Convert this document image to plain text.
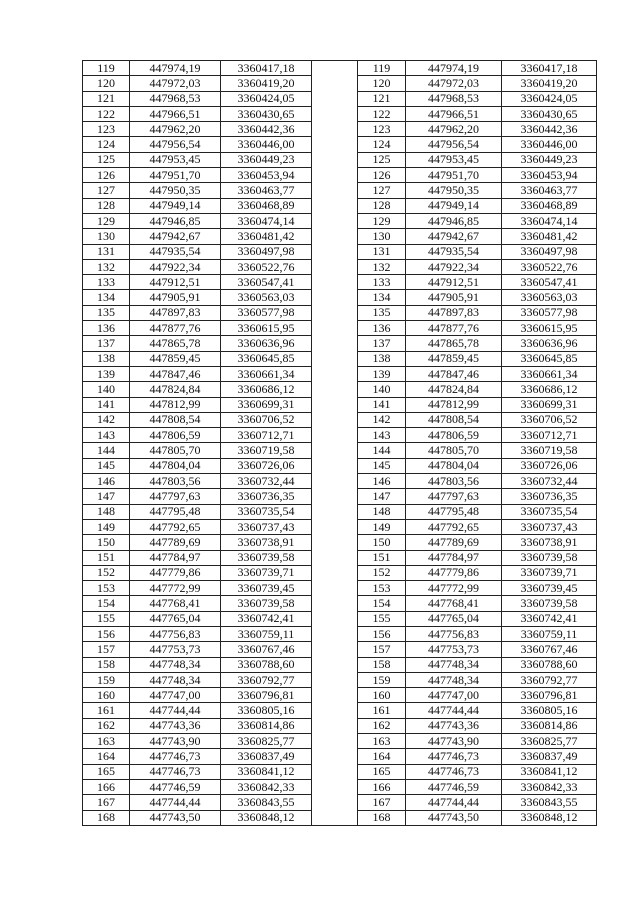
119	447974,19	3360417,18		119	447974,19	3360417,18
120	447972,03	3360419,20		120	447972,03	3360419,20
121	447968,53	3360424,05		121	447968,53	3360424,05
122	447966,51	3360430,65		122	447966,51	3360430,65
123	447962,20	3360442,36		123	447962,20	3360442,36
124	447956,54	3360446,00		124	447956,54	3360446,00
125	447953,45	3360449,23		125	447953,45	3360449,23
126	447951,70	3360453,94		126	447951,70	3360453,94
127	447950,35	3360463,77		127	447950,35	3360463,77
128	447949,14	3360468,89		128	447949,14	3360468,89
129	447946,85	3360474,14		129	447946,85	3360474,14
130	447942,67	3360481,42		130	447942,67	3360481,42
131	447935,54	3360497,98		131	447935,54	3360497,98
132	447922,34	3360522,76		132	447922,34	3360522,76
133	447912,51	3360547,41		133	447912,51	3360547,41
134	447905,91	3360563,03		134	447905,91	3360563,03
135	447897,83	3360577,98		135	447897,83	3360577,98
136	447877,76	3360615,95		136	447877,76	3360615,95
137	447865,78	3360636,96		137	447865,78	3360636,96
138	447859,45	3360645,85		138	447859,45	3360645,85
139	447847,46	3360661,34		139	447847,46	3360661,34
140	447824,84	3360686,12		140	447824,84	3360686,12
141	447812,99	3360699,31		141	447812,99	3360699,31
142	447808,54	3360706,52		142	447808,54	3360706,52
143	447806,59	3360712,71		143	447806,59	3360712,71
144	447805,70	3360719,58		144	447805,70	3360719,58
145	447804,04	3360726,06		145	447804,04	3360726,06
146	447803,56	3360732,44		146	447803,56	3360732,44
147	447797,63	3360736,35		147	447797,63	3360736,35
148	447795,48	3360735,54		148	447795,48	3360735,54
149	447792,65	3360737,43		149	447792,65	3360737,43
150	447789,69	3360738,91		150	447789,69	3360738,91
151	447784,97	3360739,58		151	447784,97	3360739,58
152	447779,86	3360739,71		152	447779,86	3360739,71
153	447772,99	3360739,45		153	447772,99	3360739,45
154	447768,41	3360739,58		154	447768,41	3360739,58
155	447765,04	3360742,41		155	447765,04	3360742,41
156	447756,83	3360759,11		156	447756,83	3360759,11
157	447753,73	3360767,46		157	447753,73	3360767,46
158	447748,34	3360788,60		158	447748,34	3360788,60
159	447748,34	3360792,77		159	447748,34	3360792,77
160	447747,00	3360796,81		160	447747,00	3360796,81
161	447744,44	3360805,16		161	447744,44	3360805,16
162	447743,36	3360814,86		162	447743,36	3360814,86
163	447743,90	3360825,77		163	447743,90	3360825,77
164	447746,73	3360837,49		164	447746,73	3360837,49
165	447746,73	3360841,12		165	447746,73	3360841,12
166	447746,59	3360842,33		166	447746,59	3360842,33
167	447744,44	3360843,55		167	447744,44	3360843,55
168	447743,50	3360848,12		168	447743,50	3360848,12
